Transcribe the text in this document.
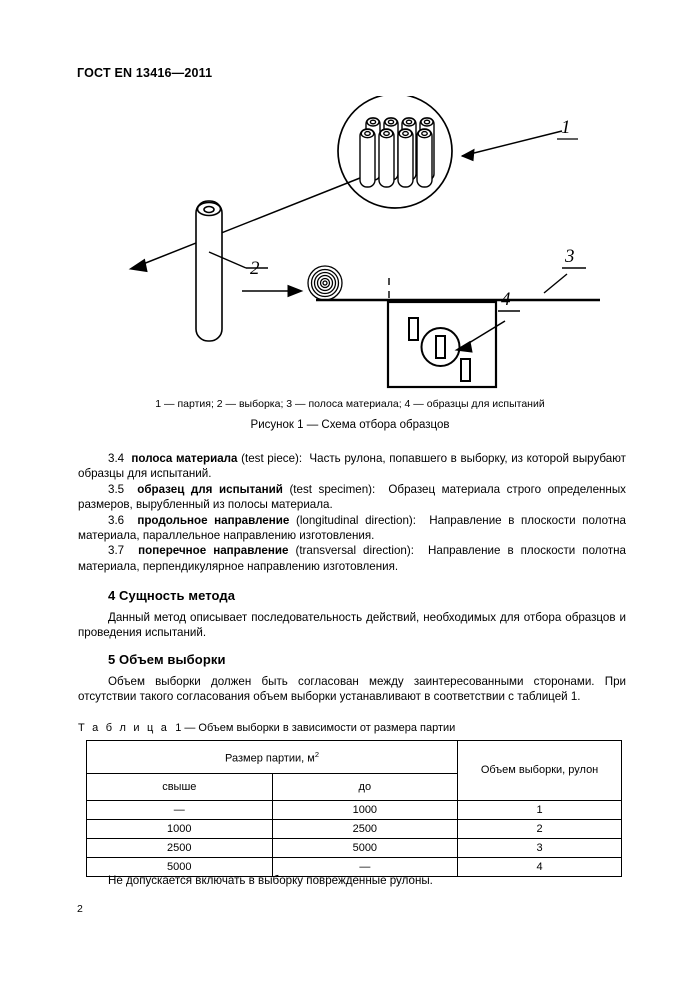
ГОСТ EN 13416—2011
1
2
3
4
1 — партия; 2 — выборка; 3 — полоса материала; 4 — образцы для испытаний
Рисунок 1 — Схема отбора образцов

3.4 полоса материала (test piece): Часть рулона, попавшего в выборку, из которой вырубают образцы для испытаний.

3.5 образец для испытаний (test specimen): Образец материала строго определенных размеров, вырубленный из полосы материала.

3.6 продольное направление (longitudinal direction): Направление в плоскости полотна материала, параллельное направлению изготовления.

3.7 поперечное направление (transversal direction): Направление в плоскости полотна материала, перпендикулярное направлению изготовления.

4 Сущность метода

Данный метод описывает последовательность действий, необходимых для отбора образцов и проведения испытаний.

5 Объем выборки

Объем выборки должен быть согласован между заинтересованными сторонами. При отсутствии такого согласования объем выборки устанавливают в соответствии с таблицей 1.

Т а б л и ц а 1 — Объем выборки в зависимости от размера партии
Размер партии, $м^2$		Объем выборки, рулон
свыше	до	
—	1000	1
1000	2500	2
2500	5000	3
5000	—	4
Не допускается включать в выборку поврежденные рулоны.
2
